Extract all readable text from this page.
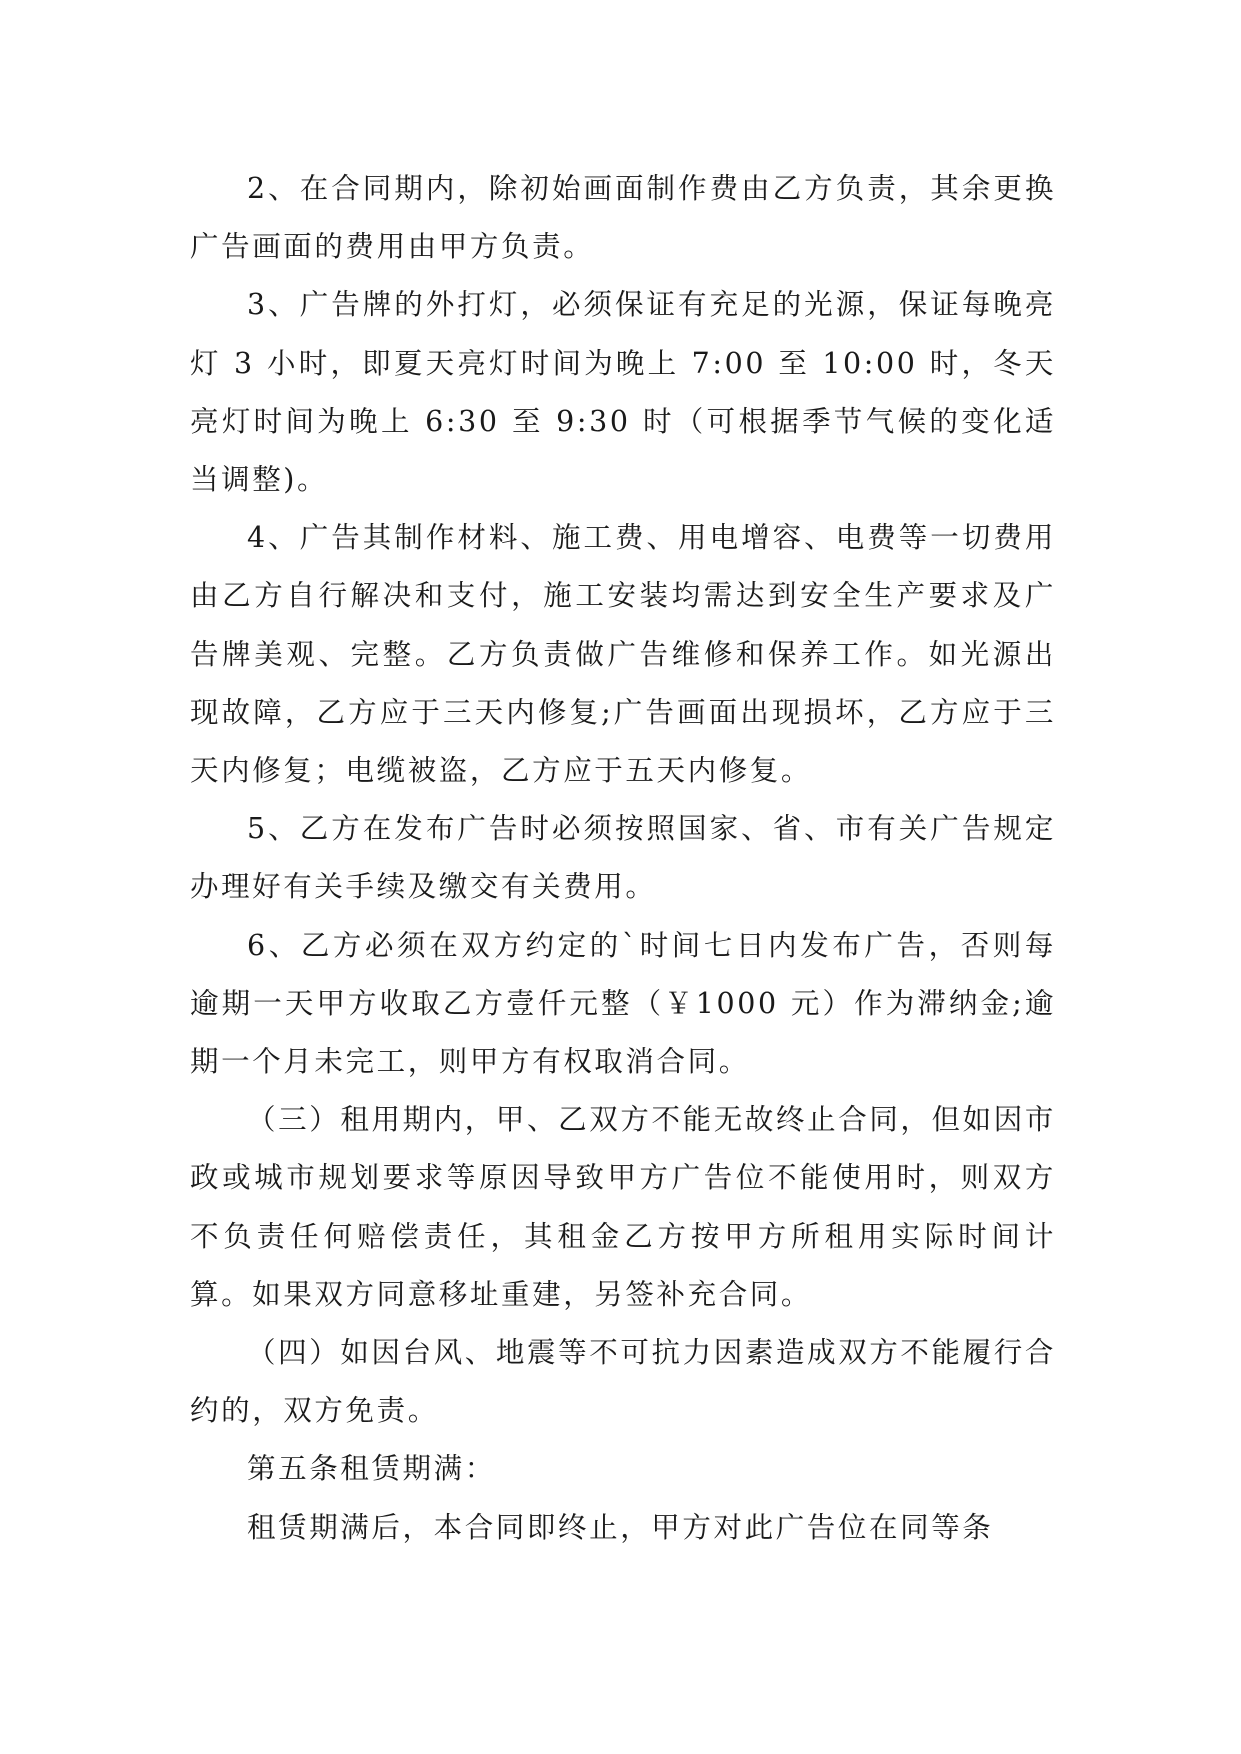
2、在合同期内，除初始画面制作费由乙方负责，其余更换广告画面的费用由甲方负责。

3、广告牌的外打灯，必须保证有充足的光源，保证每晚亮灯 3 小时，即夏天亮灯时间为晚上 7:00 至 10:00 时，冬天亮灯时间为晚上 6:30 至 9:30 时（可根据季节气候的变化适当调整)。

4、广告其制作材料、施工费、用电增容、电费等一切费用由乙方自行解决和支付，施工安装均需达到安全生产要求及广告牌美观、完整。乙方负责做广告维修和保养工作。如光源出现故障，乙方应于三天内修复;广告画面出现损坏，乙方应于三天内修复；电缆被盗，乙方应于五天内修复。

5、乙方在发布广告时必须按照国家、省、市有关广告规定办理好有关手续及缴交有关费用。

6、乙方必须在双方约定的`时间七日内发布广告，否则每逾期一天甲方收取乙方壹仟元整（￥1000 元）作为滞纳金;逾期一个月未完工，则甲方有权取消合同。

（三）租用期内，甲、乙双方不能无故终止合同，但如因市政或城市规划要求等原因导致甲方广告位不能使用时，则双方不负责任何赔偿责任，其租金乙方按甲方所租用实际时间计算。如果双方同意移址重建，另签补充合同。

（四）如因台风、地震等不可抗力因素造成双方不能履行合约的，双方免责。

第五条租赁期满：

租赁期满后，本合同即终止，甲方对此广告位在同等条
